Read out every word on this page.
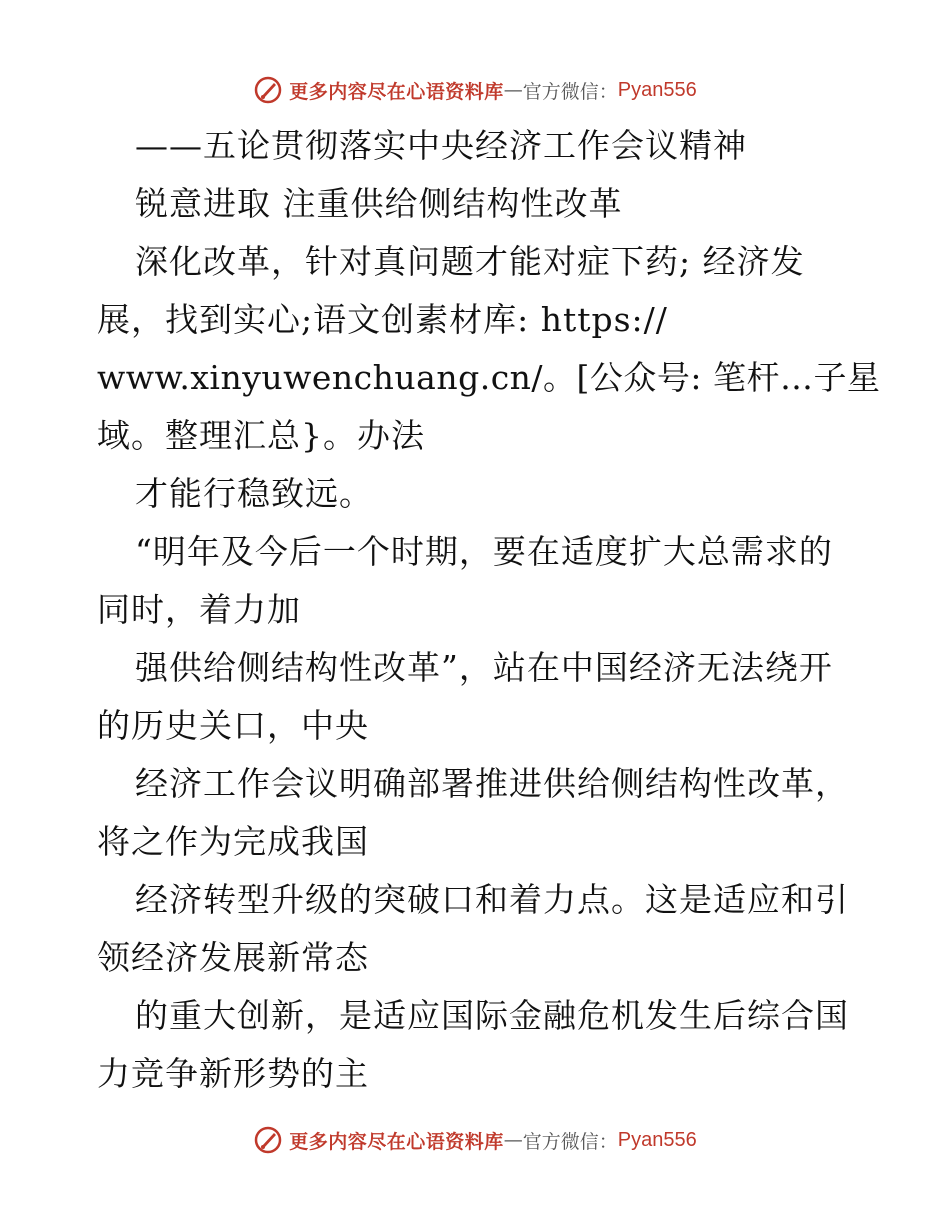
更多内容尽在心语资料库 — 官方微信： Pyan556
——五论贯彻落实中央经济工作会议精神
锐意进取 注重供给侧结构性改革
深化改革，针对真问题才能对症下药; 经济发
展，找到实心;语文创素材库: https://
www.xinyuwenchuang.cn/。[公众号: 笔杆…子星
域。整理汇总}。办法
才能行稳致远。
“明年及今后一个时期，要在适度扩大总需求的
同时，着力加
强供给侧结构性改革”，站在中国经济无法绕开
的历史关口，中央
经济工作会议明确部署推进供给侧结构性改革，
将之作为完成我国
经济转型升级的突破口和着力点。这是适应和引
领经济发展新常态
的重大创新，是适应国际金融危机发生后综合国
力竞争新形势的主
更多内容尽在心语资料库 — 官方微信： Pyan556
